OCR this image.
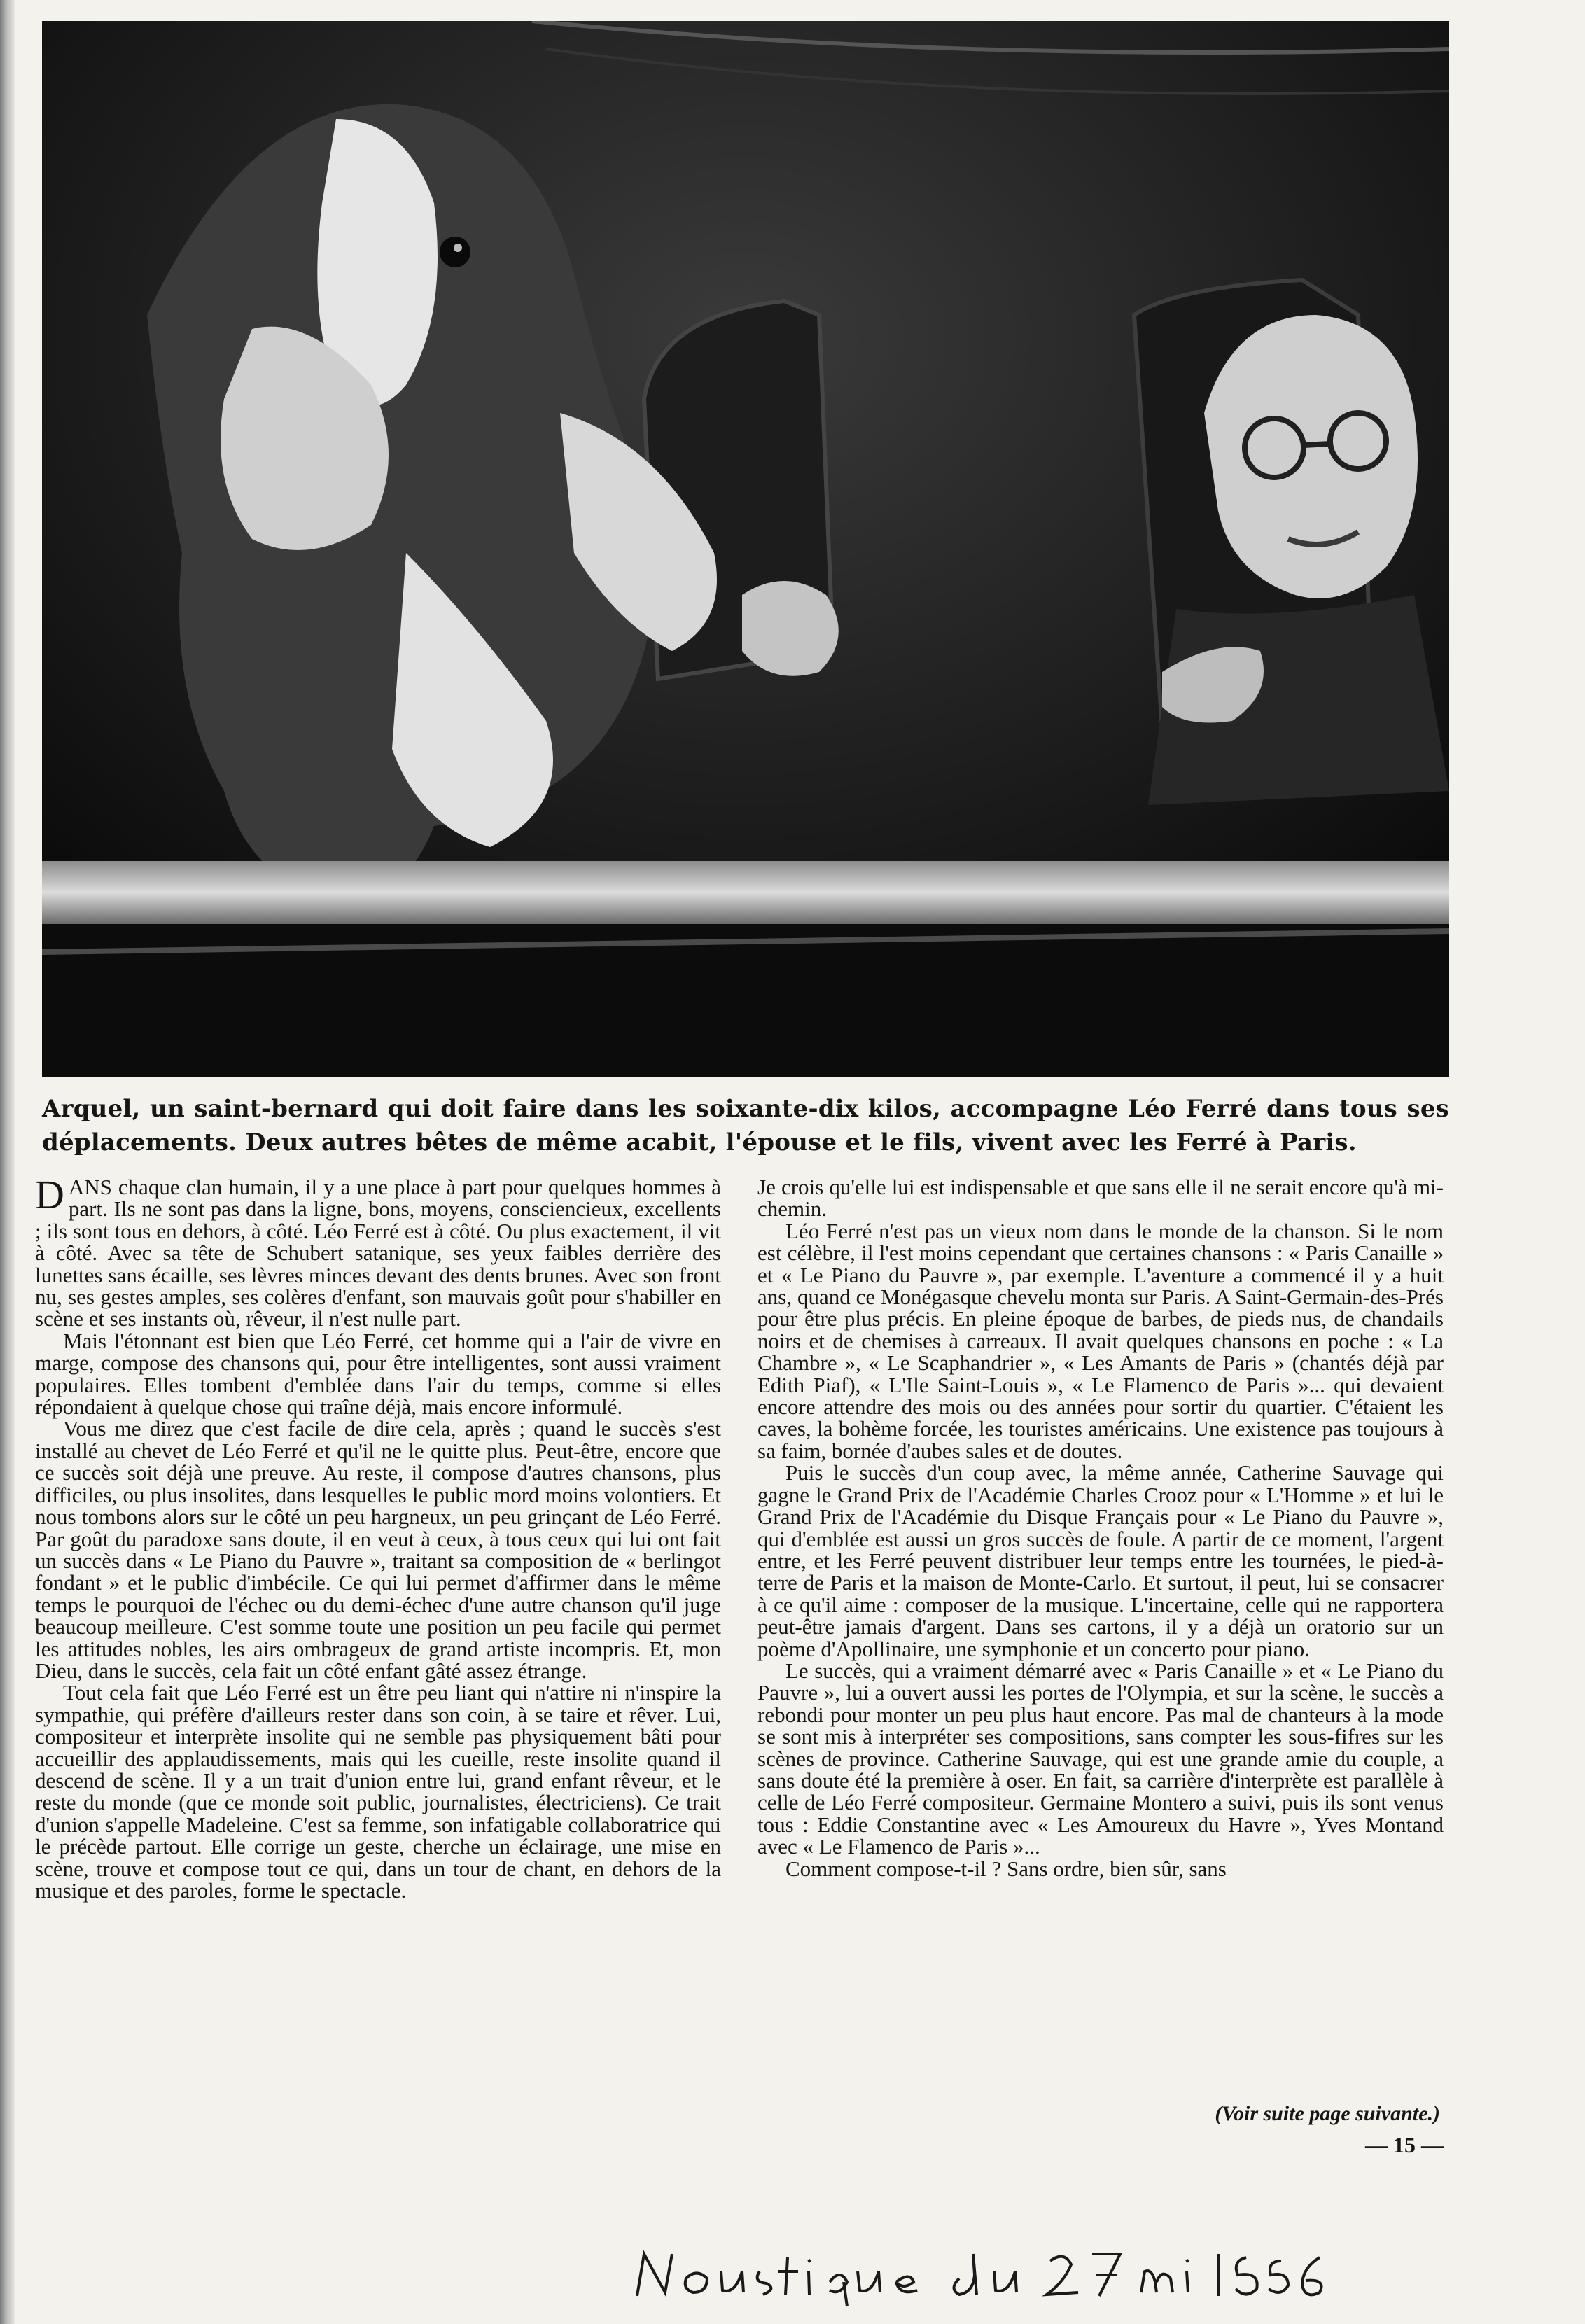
Arquel, un saint-bernard qui doit faire dans les soixante-dix kilos, accompagne Léo Ferré dans tous ses déplacements. Deux autres bêtes de même acabit, l'épouse et le fils, vivent avec les Ferré à Paris.

DANS chaque clan humain, il y a une place à part pour quelques hommes à part. Ils ne sont pas dans la ligne, bons, moyens, consciencieux, excellents ; ils sont tous en dehors, à côté. Léo Ferré est à côté. Ou plus exactement, il vit à côté. Avec sa tête de Schubert satanique, ses yeux faibles derrière des lunettes sans écaille, ses lèvres minces devant des dents brunes. Avec son front nu, ses gestes amples, ses colères d'enfant, son mauvais goût pour s'habiller en scène et ses instants où, rêveur, il n'est nulle part.

Mais l'étonnant est bien que Léo Ferré, cet homme qui a l'air de vivre en marge, compose des chansons qui, pour être intelligentes, sont aussi vraiment populaires. Elles tombent d'emblée dans l'air du temps, comme si elles répondaient à quelque chose qui traîne déjà, mais encore informulé.

Vous me direz que c'est facile de dire cela, après ; quand le succès s'est installé au chevet de Léo Ferré et qu'il ne le quitte plus. Peut-être, encore que ce succès soit déjà une preuve. Au reste, il compose d'autres chansons, plus difficiles, ou plus insolites, dans lesquelles le public mord moins volontiers. Et nous tombons alors sur le côté un peu hargneux, un peu grinçant de Léo Ferré. Par goût du paradoxe sans doute, il en veut à ceux, à tous ceux qui lui ont fait un succès dans « Le Piano du Pauvre », traitant sa composition de « berlingot fondant » et le public d'imbécile. Ce qui lui permet d'affirmer dans le même temps le pourquoi de l'échec ou du demi-échec d'une autre chanson qu'il juge beaucoup meilleure. C'est somme toute une position un peu facile qui permet les attitudes nobles, les airs ombrageux de grand artiste incompris. Et, mon Dieu, dans le succès, cela fait un côté enfant gâté assez étrange.

Tout cela fait que Léo Ferré est un être peu liant qui n'attire ni n'inspire la sympathie, qui préfère d'ailleurs rester dans son coin, à se taire et rêver. Lui, compositeur et interprète insolite qui ne semble pas physiquement bâti pour accueillir des applaudissements, mais qui les cueille, reste insolite quand il descend de scène. Il y a un trait d'union entre lui, grand enfant rêveur, et le reste du monde (que ce monde soit public, journalistes, électriciens). Ce trait d'union s'appelle Madeleine. C'est sa femme, son infatigable collaboratrice qui le précède partout. Elle corrige un geste, cherche un éclairage, une mise en scène, trouve et compose tout ce qui, dans un tour de chant, en dehors de la musique et des paroles, forme le spectacle.

Je crois qu'elle lui est indispensable et que sans elle il ne serait encore qu'à mi-chemin.

Léo Ferré n'est pas un vieux nom dans le monde de la chanson. Si le nom est célèbre, il l'est moins cependant que certaines chansons : « Paris Canaille » et « Le Piano du Pauvre », par exemple. L'aventure a commencé il y a huit ans, quand ce Monégasque chevelu monta sur Paris. A Saint-Germain-des-Prés pour être plus précis. En pleine époque de barbes, de pieds nus, de chandails noirs et de chemises à carreaux. Il avait quelques chansons en poche : « La Chambre », « Le Scaphandrier », « Les Amants de Paris » (chantés déjà par Edith Piaf), « L'Ile Saint-Louis », « Le Flamenco de Paris »... qui devaient encore attendre des mois ou des années pour sortir du quartier. C'étaient les caves, la bohème forcée, les touristes américains. Une existence pas toujours à sa faim, bornée d'aubes sales et de doutes.

Puis le succès d'un coup avec, la même année, Catherine Sauvage qui gagne le Grand Prix de l'Académie Charles Crooz pour « L'Homme » et lui le Grand Prix de l'Académie du Disque Français pour « Le Piano du Pauvre », qui d'emblée est aussi un gros succès de foule. A partir de ce moment, l'argent entre, et les Ferré peuvent distribuer leur temps entre les tournées, le pied-à-terre de Paris et la maison de Monte-Carlo. Et surtout, il peut, lui se consacrer à ce qu'il aime : composer de la musique. L'incertaine, celle qui ne rapportera peut-être jamais d'argent. Dans ses cartons, il y a déjà un oratorio sur un poème d'Apollinaire, une symphonie et un concerto pour piano.

Le succès, qui a vraiment démarré avec « Paris Canaille » et « Le Piano du Pauvre », lui a ouvert aussi les portes de l'Olympia, et sur la scène, le succès a rebondi pour monter un peu plus haut encore. Pas mal de chanteurs à la mode se sont mis à interpréter ses compositions, sans compter les sous-fifres sur les scènes de province. Catherine Sauvage, qui est une grande amie du couple, a sans doute été la première à oser. En fait, sa carrière d'interprète est parallèle à celle de Léo Ferré compositeur. Germaine Montero a suivi, puis ils sont venus tous : Eddie Constantine avec « Les Amoureux du Havre », Yves Montand avec « Le Flamenco de Paris »...

Comment compose-t-il ? Sans ordre, bien sûr, sans

(Voir suite page suivante.)
— 15 —
